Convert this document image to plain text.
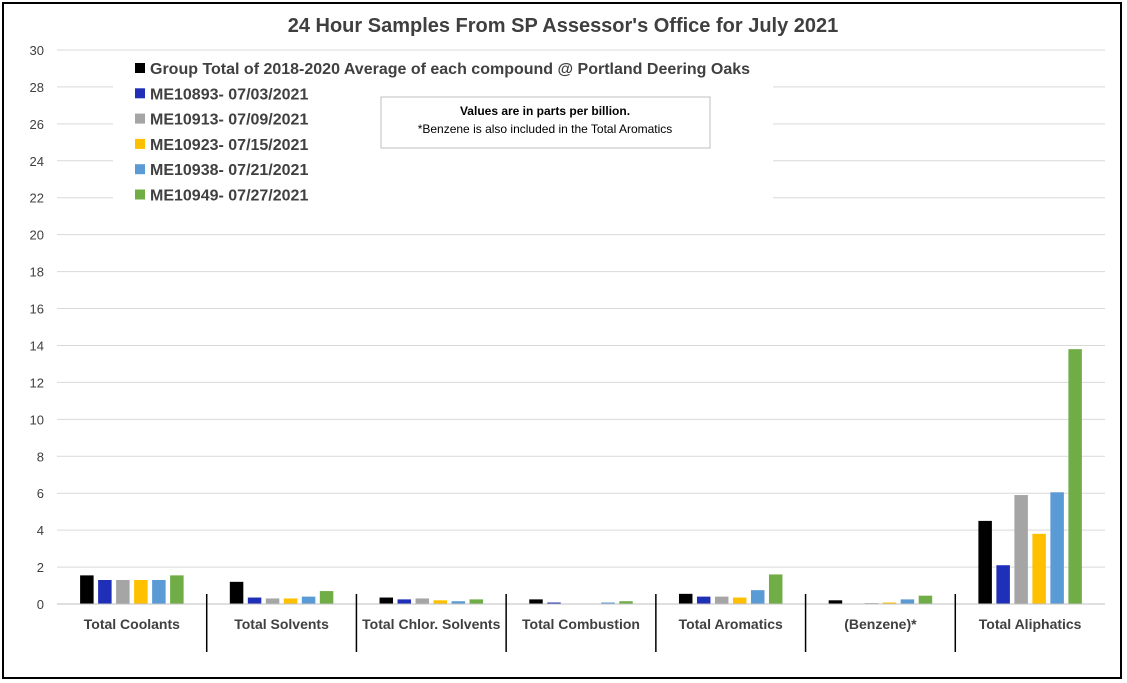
24 Hour Samples From SP Assessor's Office for July 2021
0
2
4
6
8
10
12
14
16
18
20
22
24
26
28
30
Total Coolants	Total Solvents Total Chlor. Solvents Total Combustion	Total Aromatics	(Benzene)*	Total Aliphatics
Group Total of 2018-2020 Average of each compound @ Portland Deering Oaks
ME10893- 07/03/2021
ME10913- 07/09/2021
ME10923- 07/15/2021
ME10938- 07/21/2021
ME10949- 07/27/2021
Values are in parts per billion.
*Benzene is also included in the Total Aromatics
